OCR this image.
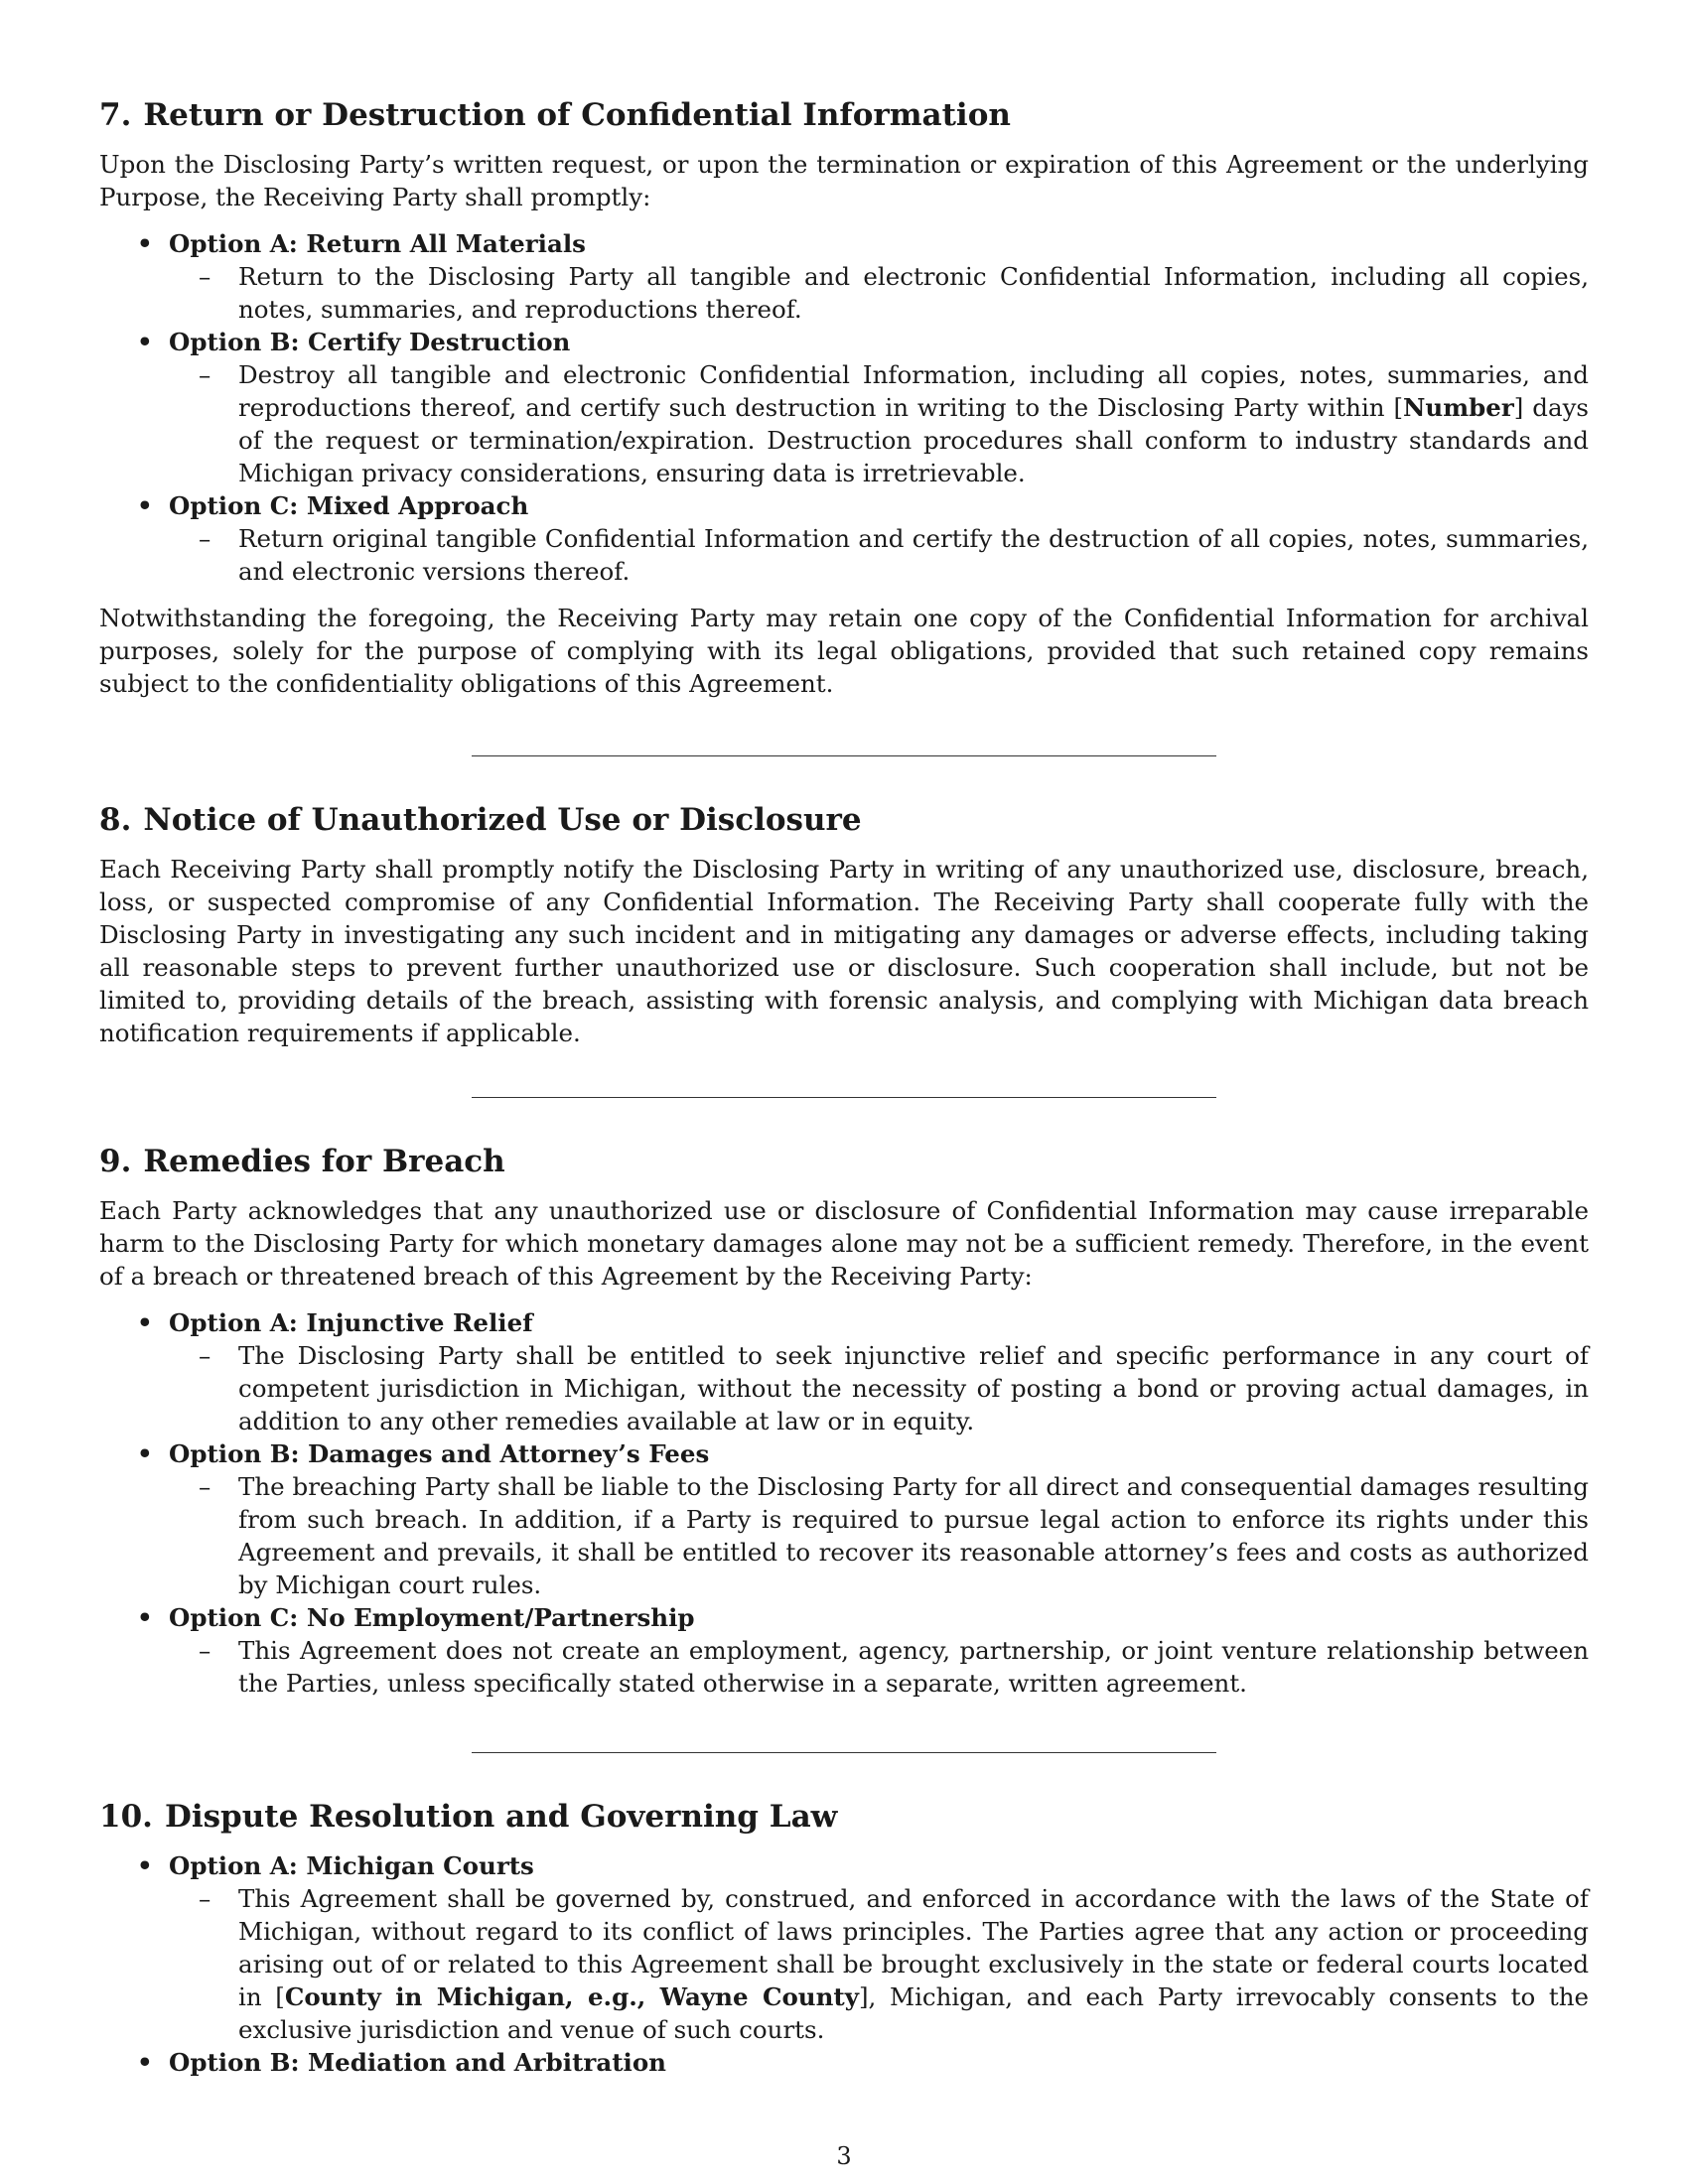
7. Return or Destruction of Confidential Information

Upon the Disclosing Party’s written request, or upon the termination or expiration of this Agreement or the underlying Purpose, the Receiving Party shall promptly:

• Option A: Return All Materials
– Return to the Disclosing Party all tangible and electronic Confidential Information, including all copies, notes, summaries, and reproductions thereof.
• Option B: Certify Destruction
– Destroy all tangible and electronic Confidential Information, including all copies, notes, summaries, and reproductions thereof, and certify such destruction in writing to the Disclosing Party within [Number] days of the request or termination/expiration. Destruction procedures shall conform to industry standards and Michigan privacy considerations, ensuring data is irretrievable.
• Option C: Mixed Approach
– Return original tangible Confidential Information and certify the destruction of all copies, notes, summaries, and electronic versions thereof.

Notwithstanding the foregoing, the Receiving Party may retain one copy of the Confidential Information for archival purposes, solely for the purpose of complying with its legal obligations, provided that such retained copy remains subject to the confidentiality obligations of this Agreement.

8. Notice of Unauthorized Use or Disclosure

Each Receiving Party shall promptly notify the Disclosing Party in writing of any unauthorized use, disclosure, breach, loss, or suspected compromise of any Confidential Information. The Receiving Party shall cooperate fully with the Disclosing Party in investigating any such incident and in mitigating any damages or adverse effects, including taking all reasonable steps to prevent further unauthorized use or disclosure. Such cooperation shall include, but not be limited to, providing details of the breach, assisting with forensic analysis, and complying with Michigan data breach notification requirements if applicable.

9. Remedies for Breach

Each Party acknowledges that any unauthorized use or disclosure of Confidential Information may cause irreparable harm to the Disclosing Party for which monetary damages alone may not be a sufficient remedy. Therefore, in the event of a breach or threatened breach of this Agreement by the Receiving Party:

• Option A: Injunctive Relief
– The Disclosing Party shall be entitled to seek injunctive relief and specific performance in any court of competent jurisdiction in Michigan, without the necessity of posting a bond or proving actual damages, in addition to any other remedies available at law or in equity.
• Option B: Damages and Attorney’s Fees
– The breaching Party shall be liable to the Disclosing Party for all direct and consequential damages resulting from such breach. In addition, if a Party is required to pursue legal action to enforce its rights under this Agreement and prevails, it shall be entitled to recover its reasonable attorney’s fees and costs as authorized by Michigan court rules.
• Option C: No Employment/Partnership
– This Agreement does not create an employment, agency, partnership, or joint venture relationship between the Parties, unless specifically stated otherwise in a separate, written agreement.
10. Dispute Resolution and Governing Law
• Option A: Michigan Courts
– This Agreement shall be governed by, construed, and enforced in accordance with the laws of the State of Michigan, without regard to its conflict of laws principles. The Parties agree that any action or proceeding arising out of or related to this Agreement shall be brought exclusively in the state or federal courts located in [County in Michigan, e.g., Wayne County], Michigan, and each Party irrevocably consents to the exclusive jurisdiction and venue of such courts.
• Option B: Mediation and Arbitration
3
